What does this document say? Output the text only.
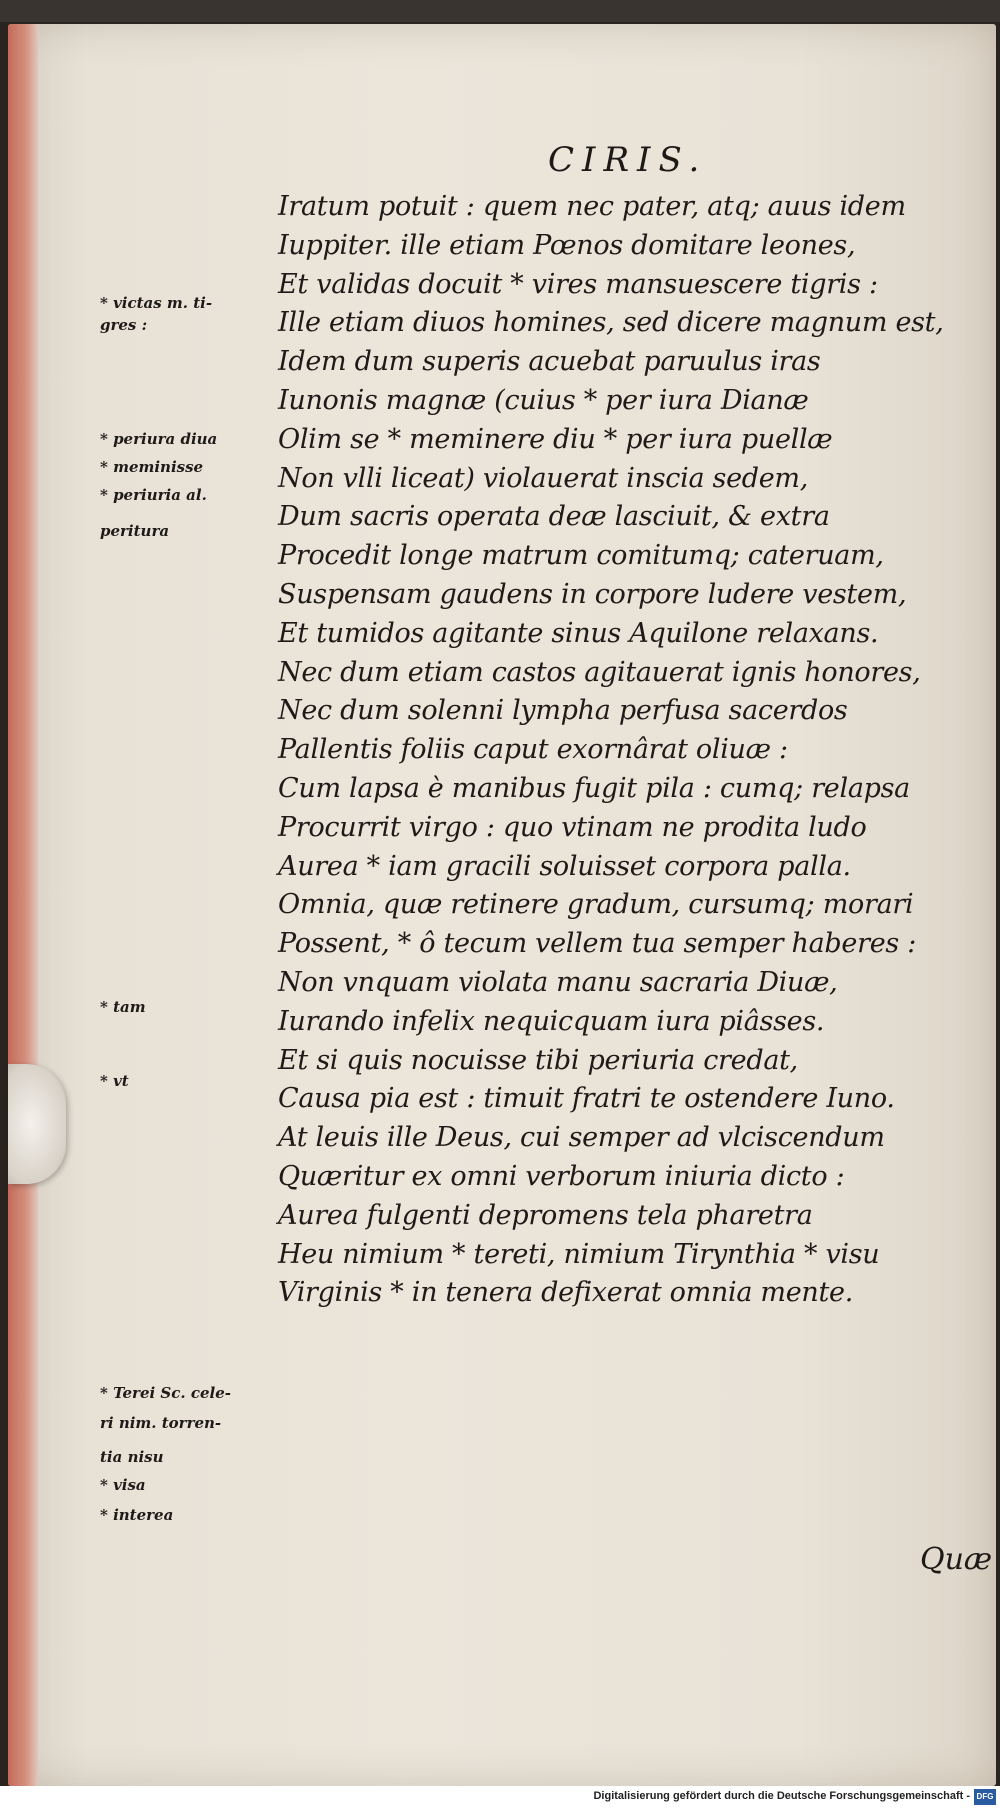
CIRIS.
Iratum potuit : quem nec pater, atq; auus idem
Iuppiter. ille etiam Pœnos domitare leones,
Et validas docuit * vires mansuescere tigris :
Ille etiam diuos homines, sed dicere magnum est,
Idem dum superis acuebat paruulus iras
Iunonis magnæ (cuius * per iura Dianæ
Olim se * meminere diu * per iura puellæ
Non vlli liceat) violauerat inscia sedem,
Dum sacris operata deæ lasciuit, & extra
Procedit longe matrum comitumq; cateruam,
Suspensam gaudens in corpore ludere vestem,
Et tumidos agitante sinus Aquilone relaxans.
Nec dum etiam castos agitauerat ignis honores,
Nec dum solenni lympha perfusa sacerdos
Pallentis foliis caput exornârat oliuæ :
Cum lapsa è manibus fugit pila : cumq; relapsa
Procurrit virgo : quo vtinam ne prodita ludo
Aurea * iam gracili soluisset corpora palla.
Omnia, quæ retinere gradum, cursumq; morari
Possent, * ô tecum vellem tua semper haberes :
Non vnquam violata manu sacraria Diuæ,
Iurando infelix nequicquam iura piâsses.
Et si quis nocuisse tibi periuria credat,
Causa pia est : timuit fratri te ostendere Iuno.
At leuis ille Deus, cui semper ad vlciscendum
Quæritur ex omni verborum iniuria dicto :
Aurea fulgenti depromens tela pharetra
Heu nimium * tereti, nimium Tirynthia * visu
Virginis * in tenera defixerat omnia mente.
* victas m. ti-
gres :
* periura diua
* meminisse
* periuria al.
peritura
* tam
* vt
* Terei Sc. cele-
ri nim. torren-
tia nisu
* visa
* interea
Quæ
Digitalisierung gefördert durch die Deutsche Forschungsgemeinschaft - DFG
